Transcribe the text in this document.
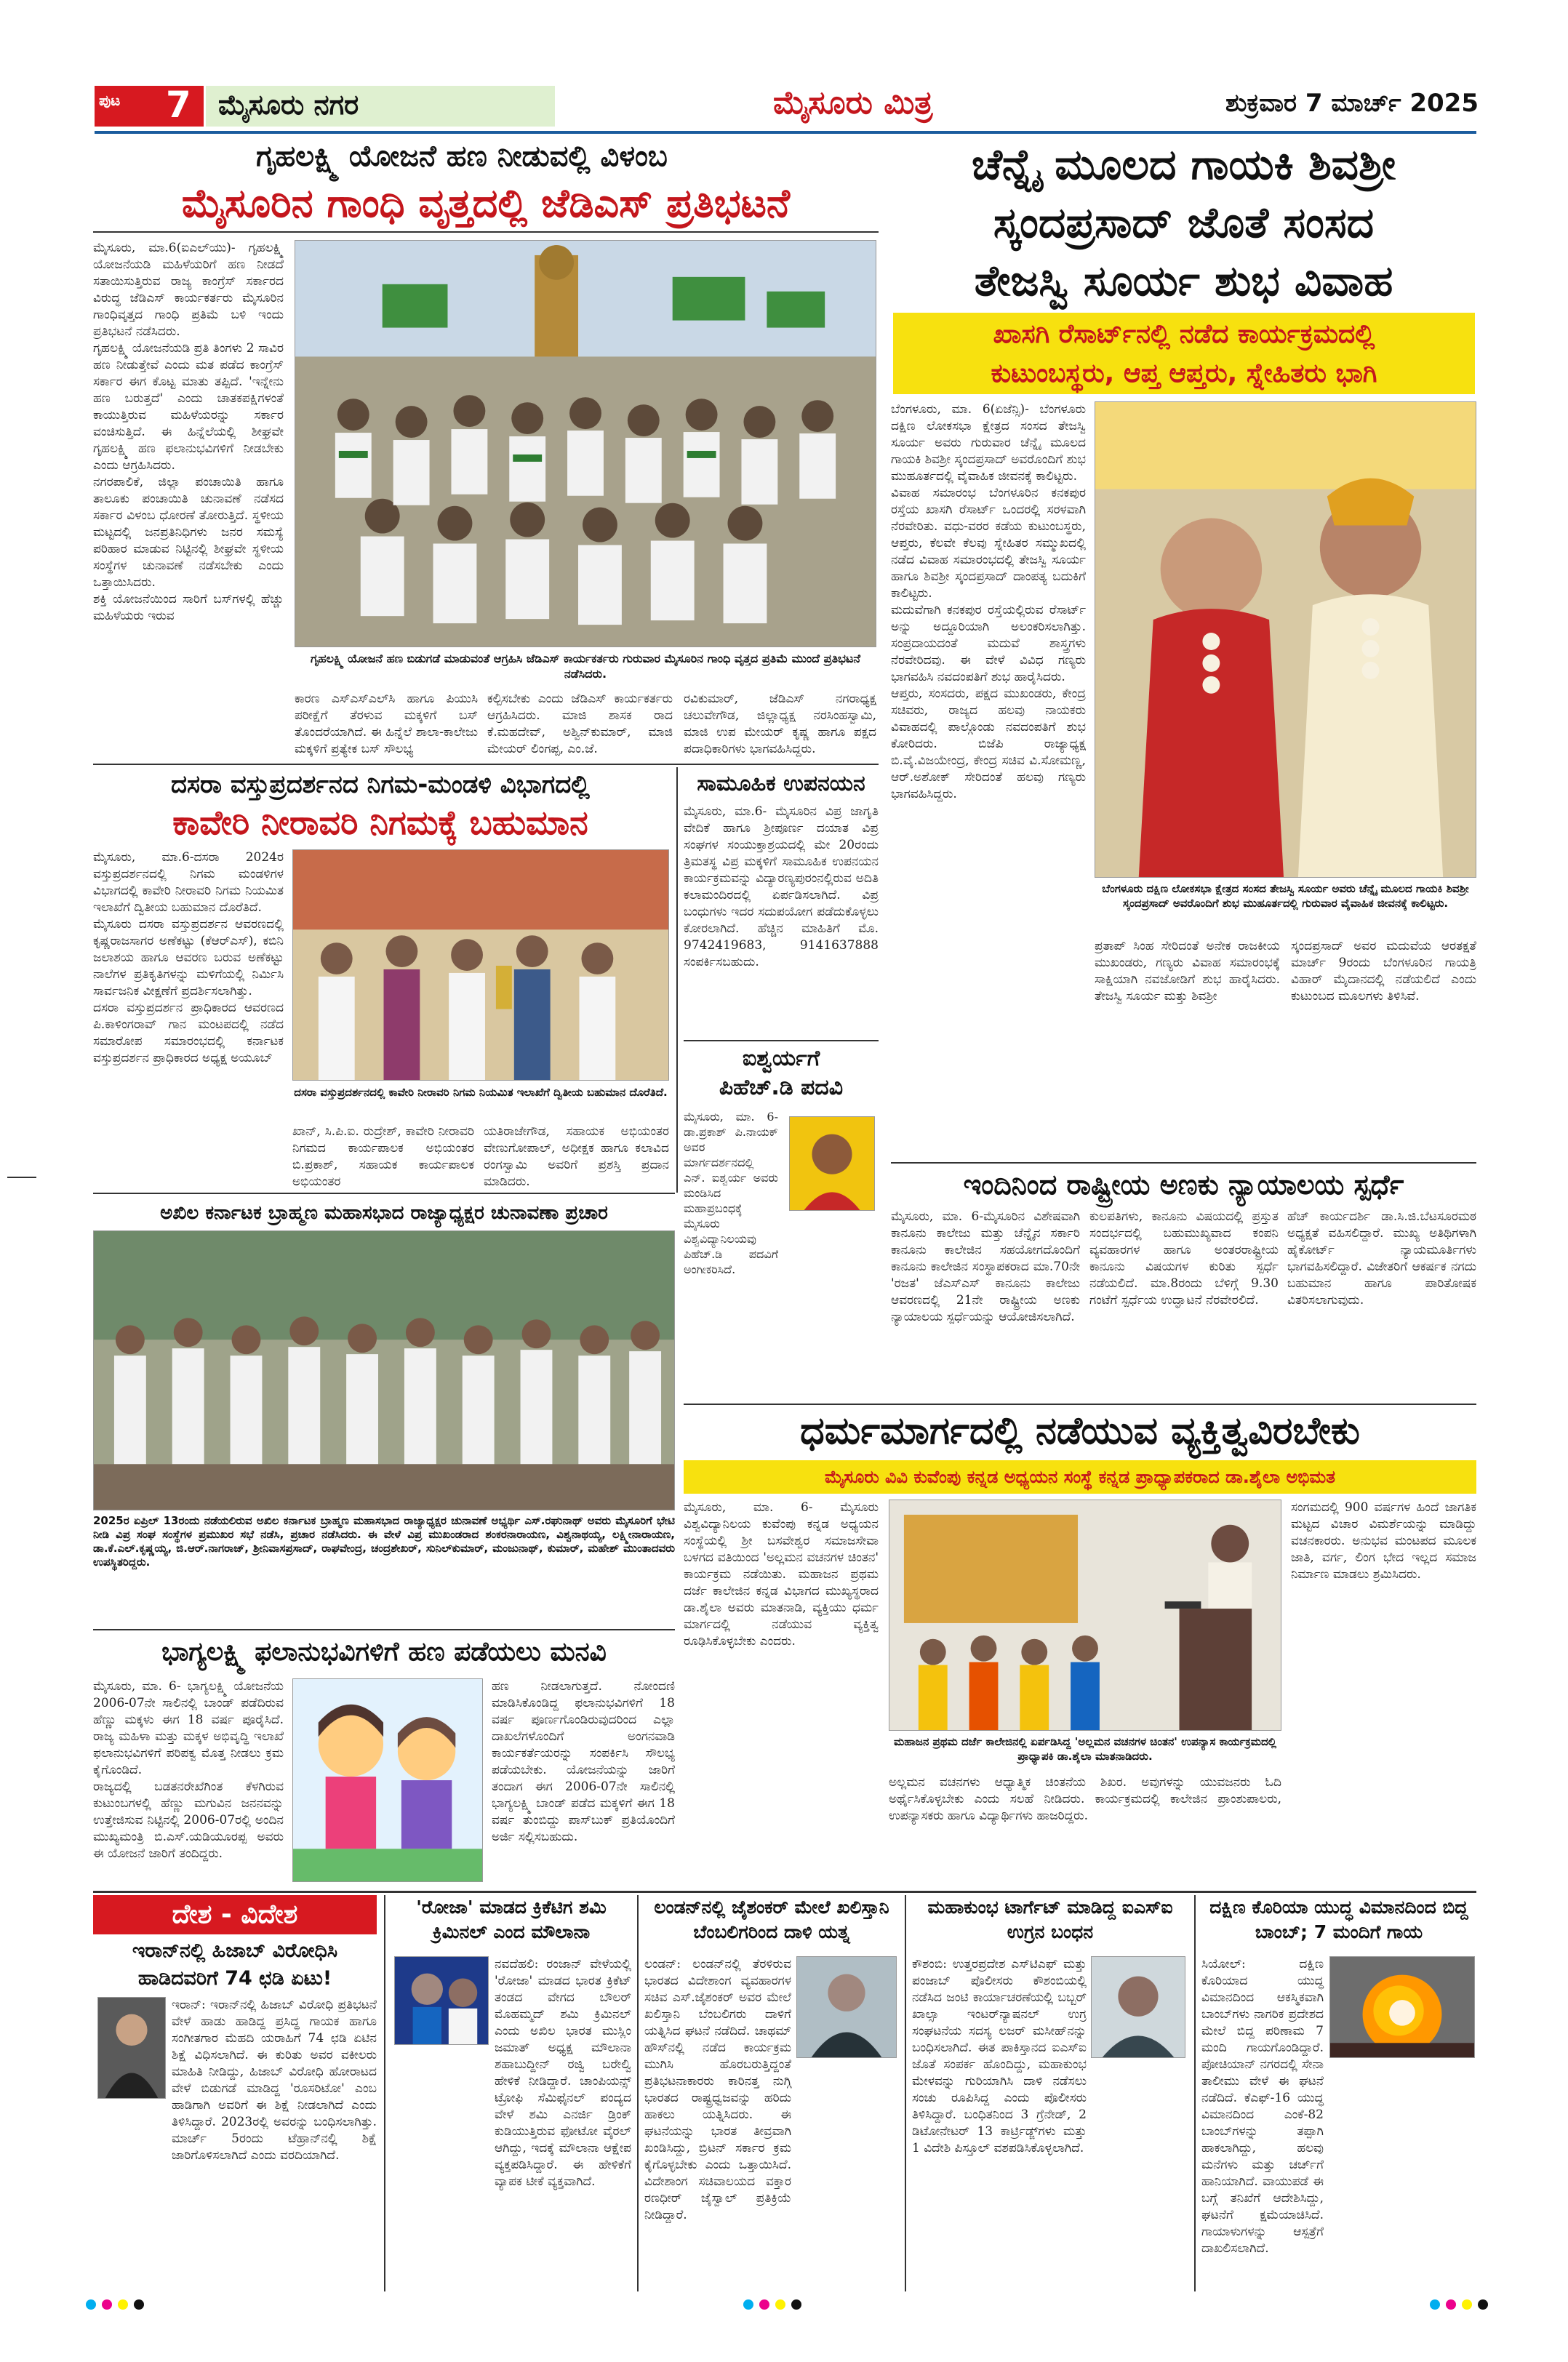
ಪುಟ 7 ಮೈಸೂರು ನಗರ	ಮೈಸೂರು ಮಿತ್ರ	ಶುಕ್ರವಾರ 7 ಮಾರ್ಚ್ 2025
ಗೃಹಲಕ್ಷ್ಮಿ ಯೋಜನೆ ಹಣ ನೀಡುವಲ್ಲಿ ವಿಳಂಬ
ಮೈಸೂರಿನ ಗಾಂಧಿ ವೃತ್ತದಲ್ಲಿ ಜೆಡಿಎಸ್ ಪ್ರತಿಭಟನೆ
ಮೈಸೂರು, ಮಾ.6(ಐಎಲ್‌ಯು)- ಗೃಹಲಕ್ಷ್ಮಿ ಯೋಜನೆಯಡಿ ಮಹಿಳೆಯರಿಗೆ ಹಣ ನೀಡದೆ ಸತಾಯಿಸುತ್ತಿರುವ ರಾಜ್ಯ ಕಾಂಗ್ರೆಸ್ ಸರ್ಕಾರದ ವಿರುದ್ಧ ಜೆಡಿಎಸ್ ಕಾರ್ಯಕರ್ತರು ಮೈಸೂರಿನ ಗಾಂಧಿವೃತ್ತದ ಗಾಂಧಿ ಪ್ರತಿಮೆ ಬಳಿ ಇಂದು ಪ್ರತಿಭಟನೆ ನಡೆಸಿದರು.
ಗೃಹಲಕ್ಷ್ಮಿ ಯೋಜನೆಯಡಿ ಪ್ರತಿ ತಿಂಗಳು 2 ಸಾವಿರ ಹಣ ನೀಡುತ್ತೇವೆ ಎಂದು ಮತ ಪಡೆದ ಕಾಂಗ್ರೆಸ್ ಸರ್ಕಾರ ಈಗ ಕೊಟ್ಟ ಮಾತು ತಪ್ಪಿದೆ. 'ಇನ್ನೇನು ಹಣ ಬರುತ್ತದೆ' ಎಂದು ಚಾತಕಪಕ್ಷಿಗಳಂತೆ ಕಾಯುತ್ತಿರುವ ಮಹಿಳೆಯರನ್ನು ಸರ್ಕಾರ ವಂಚಿಸುತ್ತಿದೆ. ಈ ಹಿನ್ನೆಲೆಯಲ್ಲಿ ಶೀಘ್ರವೇ ಗೃಹಲಕ್ಷ್ಮಿ ಹಣ ಫಲಾನುಭವಿಗಳಿಗೆ ನೀಡಬೇಕು ಎಂದು ಆಗ್ರಹಿಸಿದರು.
ನಗರಪಾಲಿಕೆ, ಜಿಲ್ಲಾ ಪಂಚಾಯಿತಿ ಹಾಗೂ ತಾಲೂಕು ಪಂಚಾಯಿತಿ ಚುನಾವಣೆ ನಡೆಸದ ಸರ್ಕಾರ ವಿಳಂಬ ಧೋರಣೆ ತೋರುತ್ತಿದೆ. ಸ್ಥಳೀಯ ಮಟ್ಟದಲ್ಲಿ ಜನಪ್ರತಿನಿಧಿಗಳು ಜನರ ಸಮಸ್ಯೆ ಪರಿಹಾರ ಮಾಡುವ ನಿಟ್ಟಿನಲ್ಲಿ ಶೀಘ್ರವೇ ಸ್ಥಳೀಯ ಸಂಸ್ಥೆಗಳ ಚುನಾವಣೆ ನಡೆಸಬೇಕು ಎಂದು ಒತ್ತಾಯಿಸಿದರು.
ಶಕ್ತಿ ಯೋಜನೆಯಿಂದ ಸಾರಿಗೆ ಬಸ್‌ಗಳಲ್ಲಿ ಹೆಚ್ಚು ಮಹಿಳೆಯರು ಇರುವ
ಗೃಹಲಕ್ಷ್ಮಿ ಯೋಜನೆ ಹಣ ಬಿಡುಗಡೆ ಮಾಡುವಂತೆ ಆಗ್ರಹಿಸಿ ಜೆಡಿಎಸ್ ಕಾರ್ಯಕರ್ತರು ಗುರುವಾರ ಮೈಸೂರಿನ ಗಾಂಧಿ ವೃತ್ತದ ಪ್ರತಿಮೆ ಮುಂದೆ ಪ್ರತಿಭಟನೆ ನಡೆಸಿದರು.
ಕಾರಣ ಎಸ್‌ಎಸ್‌ಎಲ್‌ಸಿ ಹಾಗೂ ಪಿಯುಸಿ ಪರೀಕ್ಷೆಗೆ ತೆರಳುವ ಮಕ್ಕಳಿಗೆ ಬಸ್ ತೊಂದರೆಯಾಗಿದೆ. ಈ ಹಿನ್ನೆಲೆ ಶಾಲಾ-ಕಾಲೇಜು ಮಕ್ಕಳಿಗೆ ಪ್ರತ್ಯೇಕ ಬಸ್ ಸೌಲಭ್ಯ
ಕಲ್ಪಿಸಬೇಕು ಎಂದು ಜೆಡಿಎಸ್ ಕಾರ್ಯಕರ್ತರು ಆಗ್ರಹಿಸಿದರು. ಮಾಜಿ ಶಾಸಕ ರಾದ ಕೆ.ಮಹದೇವ್, ಅಶ್ವಿನ್‌ಕುಮಾರ್, ಮಾಜಿ ಮೇಯರ್ ಲಿಂಗಪ್ಪ, ಎಂ.ಜೆ.
ರವಿಕುಮಾರ್, ಜೆಡಿಎಸ್ ನಗರಾಧ್ಯಕ್ಷ ಚಲುವೇಗೌಡ, ಜಿಲ್ಲಾಧ್ಯಕ್ಷ ನರಸಿಂಹಸ್ವಾಮಿ, ಮಾಜಿ ಉಪ ಮೇಯರ್ ಕೃಷ್ಣ ಹಾಗೂ ಪಕ್ಷದ ಪದಾಧಿಕಾರಿಗಳು ಭಾಗವಹಿಸಿದ್ದರು.
ಚೆನ್ನೈ ಮೂಲದ ಗಾಯಕಿ ಶಿವಶ್ರೀ
ಸ್ಕಂದಪ್ರಸಾದ್ ಜೊತೆ ಸಂಸದ
ತೇಜಸ್ವಿ ಸೂರ್ಯ ಶುಭ ವಿವಾಹ
ಖಾಸಗಿ ರೆಸಾರ್ಟ್‌ನಲ್ಲಿ ನಡೆದ ಕಾರ್ಯಕ್ರಮದಲ್ಲಿ
ಕುಟುಂಬಸ್ಥರು, ಆಪ್ತ ಆಪ್ತರು, ಸ್ನೇಹಿತರು ಭಾಗಿ
ಬೆಂಗಳೂರು, ಮಾ. 6(ಏಜೆನ್ಸಿ)- ಬೆಂಗಳೂರು ದಕ್ಷಿಣ ಲೋಕಸಭಾ ಕ್ಷೇತ್ರದ ಸಂಸದ ತೇಜಸ್ವಿ ಸೂರ್ಯ ಅವರು ಗುರುವಾರ ಚೆನ್ನೈ ಮೂಲದ ಗಾಯಕಿ ಶಿವಶ್ರೀ ಸ್ಕಂದಪ್ರಸಾದ್ ಅವರೊಂದಿಗೆ ಶುಭ ಮುಹೂರ್ತದಲ್ಲಿ ವೈವಾಹಿಕ ಜೀವನಕ್ಕೆ ಕಾಲಿಟ್ಟರು.
ವಿವಾಹ ಸಮಾರಂಭ ಬೆಂಗಳೂರಿನ ಕನಕಪುರ ರಸ್ತೆಯ ಖಾಸಗಿ ರೆಸಾರ್ಟ್ ಒಂದರಲ್ಲಿ ಸರಳವಾಗಿ ನೆರವೇರಿತು. ವಧು-ವರರ ಕಡೆಯ ಕುಟುಂಬಸ್ಥರು, ಆಪ್ತರು, ಕೆಲವೇ ಕೆಲವು ಸ್ನೇಹಿತರ ಸಮ್ಮುಖದಲ್ಲಿ ನಡೆದ ವಿವಾಹ ಸಮಾರಂಭದಲ್ಲಿ ತೇಜಸ್ವಿ ಸೂರ್ಯ ಹಾಗೂ ಶಿವಶ್ರೀ ಸ್ಕಂದಪ್ರಸಾದ್ ದಾಂಪತ್ಯ ಬದುಕಿಗೆ ಕಾಲಿಟ್ಟರು.
ಮದುವೆಗಾಗಿ ಕನಕಪುರ ರಸ್ತೆಯಲ್ಲಿರುವ ರೆಸಾರ್ಟ್ ಅನ್ನು ಅದ್ದೂರಿಯಾಗಿ ಅಲಂಕರಿಸಲಾಗಿತ್ತು. ಸಂಪ್ರದಾಯದಂತೆ ಮದುವೆ ಶಾಸ್ತ್ರಗಳು ನೆರವೇರಿದವು. ಈ ವೇಳೆ ವಿವಿಧ ಗಣ್ಯರು ಭಾಗವಹಿಸಿ ನವದಂಪತಿಗೆ ಶುಭ ಹಾರೈಸಿದರು.
ಆಪ್ತರು, ಸಂಸದರು, ಪಕ್ಷದ ಮುಖಂಡರು, ಕೇಂದ್ರ ಸಚಿವರು, ರಾಜ್ಯದ ಹಲವು ನಾಯಕರು ವಿವಾಹದಲ್ಲಿ ಪಾಲ್ಗೊಂಡು ನವದಂಪತಿಗೆ ಶುಭ ಕೋರಿದರು. ಬಿಜೆಪಿ ರಾಜ್ಯಾಧ್ಯಕ್ಷ ಬಿ.ವೈ.ವಿಜಯೇಂದ್ರ, ಕೇಂದ್ರ ಸಚಿವ ವಿ.ಸೋಮಣ್ಣ, ಆರ್.ಅಶೋಕ್ ಸೇರಿದಂತೆ ಹಲವು ಗಣ್ಯರು ಭಾಗವಹಿಸಿದ್ದರು.
ಬೆಂಗಳೂರು ದಕ್ಷಿಣ ಲೋಕಸಭಾ ಕ್ಷೇತ್ರದ ಸಂಸದ ತೇಜಸ್ವಿ ಸೂರ್ಯ ಅವರು ಚೆನ್ನೈ ಮೂಲದ ಗಾಯಕಿ ಶಿವಶ್ರೀ ಸ್ಕಂದಪ್ರಸಾದ್ ಅವರೊಂದಿಗೆ ಶುಭ ಮುಹೂರ್ತದಲ್ಲಿ ಗುರುವಾರ ವೈವಾಹಿಕ ಜೀವನಕ್ಕೆ ಕಾಲಿಟ್ಟರು.
ಪ್ರತಾಪ್ ಸಿಂಹ ಸೇರಿದಂತೆ ಅನೇಕ ರಾಜಕೀಯ ಮುಖಂಡರು, ಗಣ್ಯರು ವಿವಾಹ ಸಮಾರಂಭಕ್ಕೆ ಸಾಕ್ಷಿಯಾಗಿ ನವಜೋಡಿಗೆ ಶುಭ ಹಾರೈಸಿದರು. ತೇಜಸ್ವಿ ಸೂರ್ಯ ಮತ್ತು ಶಿವಶ್ರೀ
ಸ್ಕಂದಪ್ರಸಾದ್ ಅವರ ಮದುವೆಯ ಆರತಕ್ಷತೆ ಮಾರ್ಚ್ 9ರಂದು ಬೆಂಗಳೂರಿನ ಗಾಯತ್ರಿ ವಿಹಾರ್ ಮೈದಾನದಲ್ಲಿ ನಡೆಯಲಿದೆ ಎಂದು ಕುಟುಂಬದ ಮೂಲಗಳು ತಿಳಿಸಿವೆ.
ದಸರಾ ವಸ್ತುಪ್ರದರ್ಶನದ ನಿಗಮ-ಮಂಡಳಿ ವಿಭಾಗದಲ್ಲಿ
ಕಾವೇರಿ ನೀರಾವರಿ ನಿಗಮಕ್ಕೆ ಬಹುಮಾನ
ಮೈಸೂರು, ಮಾ.6-ದಸರಾ 2024ರ ವಸ್ತುಪ್ರದರ್ಶನದಲ್ಲಿ ನಿಗಮ ಮಂಡಳಿಗಳ ವಿಭಾಗದಲ್ಲಿ ಕಾವೇರಿ ನೀರಾವರಿ ನಿಗಮ ನಿಯಮಿತ ಇಲಾಖೆಗೆ ದ್ವಿತೀಯ ಬಹುಮಾನ ದೊರೆತಿದೆ.
ಮೈಸೂರು ದಸರಾ ವಸ್ತುಪ್ರದರ್ಶನ ಆವರಣದಲ್ಲಿ ಕೃಷ್ಣರಾಜಸಾಗರ ಅಣೆಕಟ್ಟು (ಕೆಆರ್‌ಎಸ್), ಕಬಿನಿ ಜಲಾಶಯ ಹಾಗೂ ಆವರಣ ಬರುವ ಅಣೆಕಟ್ಟು ನಾಲೆಗಳ ಪ್ರತಿಕೃತಿಗಳನ್ನು ಮಳಿಗೆಯಲ್ಲಿ ನಿರ್ಮಿಸಿ ಸಾರ್ವಜನಿಕ ವೀಕ್ಷಣೆಗೆ ಪ್ರದರ್ಶಿಸಲಾಗಿತ್ತು.
ದಸರಾ ವಸ್ತುಪ್ರದರ್ಶನ ಪ್ರಾಧಿಕಾರದ ಆವರಣದ ಪಿ.ಕಾಳಿಂಗರಾವ್ ಗಾನ ಮಂಟಪದಲ್ಲಿ ನಡೆದ ಸಮಾರೋಪ ಸಮಾರಂಭದಲ್ಲಿ ಕರ್ನಾಟಕ ವಸ್ತುಪ್ರದರ್ಶನ ಪ್ರಾಧಿಕಾರದ ಅಧ್ಯಕ್ಷ ಅಯೂಬ್
ದಸರಾ ವಸ್ತುಪ್ರದರ್ಶನದಲ್ಲಿ ಕಾವೇರಿ ನೀರಾವರಿ ನಿಗಮ ನಿಯಮಿತ ಇಲಾಖೆಗೆ ದ್ವಿತೀಯ ಬಹುಮಾನ ದೊರೆತಿದೆ.
ಖಾನ್, ಸಿ.ಪಿ.ಐ. ರುದ್ರೇಶ್, ಕಾವೇರಿ ನೀರಾವರಿ ನಿಗಮದ ಕಾರ್ಯಪಾಲಕ ಅಭಿಯಂತರ ಬಿ.ಪ್ರಕಾಶ್, ಸಹಾಯಕ ಕಾರ್ಯಪಾಲಕ ಅಭಿಯಂತರ
ಯತಿರಾಜೇಗೌಡ, ಸಹಾಯಕ ಅಭಿಯಂತರ ವೇಣುಗೋಪಾಲ್, ಅಧೀಕ್ಷಕ ಹಾಗೂ ಕಲಾವಿದ ರಂಗಸ್ವಾಮಿ ಅವರಿಗೆ ಪ್ರಶಸ್ತಿ ಪ್ರದಾನ ಮಾಡಿದರು.
ಸಾಮೂಹಿಕ ಉಪನಯನ
ಮೈಸೂರು, ಮಾ.6- ಮೈಸೂರಿನ ವಿಪ್ರ ಜಾಗೃತಿ ವೇದಿಕೆ ಹಾಗೂ ಶ್ರೀಪೂರ್ಣ ದಯಾತ ವಿಪ್ರ ಸಂಘಗಳ ಸಂಯುಕ್ತಾಶ್ರಯದಲ್ಲಿ ಮೇ 20ರಂದು ತ್ರಿಮತಸ್ಥ ವಿಪ್ರ ಮಕ್ಕಳಿಗೆ ಸಾಮೂಹಿಕ ಉಪನಯನ ಕಾರ್ಯಕ್ರಮವನ್ನು ವಿದ್ಯಾರಣ್ಯಪುರಂನಲ್ಲಿರುವ ಅದಿತಿ ಕಲಾಮಂದಿರದಲ್ಲಿ ಏರ್ಪಡಿಸಲಾಗಿದೆ. ವಿಪ್ರ ಬಂಧುಗಳು ಇದರ ಸದುಪಯೋಗ ಪಡೆದುಕೊಳ್ಳಲು ಕೋರಲಾಗಿದೆ. ಹೆಚ್ಚಿನ ಮಾಹಿತಿಗೆ ಮೊ. 9742419683, 9141637888 ಸಂಪರ್ಕಿಸಬಹುದು.
ಐಶ್ವರ್ಯಗೆ
ಪಿಹೆಚ್.ಡಿ ಪದವಿ
ಮೈಸೂರು, ಮಾ. 6- ಡಾ.ಪ್ರಕಾಶ್ ಪಿ.ನಾಯಕ್ ಅವರ ಮಾರ್ಗದರ್ಶನದಲ್ಲಿ ಎನ್. ಐಶ್ವರ್ಯ ಅವರು ಮಂಡಿಸಿದ ಮಹಾಪ್ರಬಂಧಕ್ಕೆ ಮೈಸೂರು ವಿಶ್ವವಿದ್ಯಾನಿಲಯವು ಪಿಹೆಚ್.ಡಿ ಪದವಿಗೆ ಅಂಗೀಕರಿಸಿದೆ.
ಇಂದಿನಿಂದ ರಾಷ್ಟ್ರೀಯ ಅಣಕು ನ್ಯಾಯಾಲಯ ಸ್ಪರ್ಧೆ
ಮೈಸೂರು, ಮಾ. 6-ಮೈಸೂರಿನ ವಿಶೇಷವಾಗಿ ಕಾನೂನು ಕಾಲೇಜು ಮತ್ತು ಚೆನ್ನೈನ ಸರ್ಕಾರಿ ಕಾನೂನು ಕಾಲೇಜಿನ ಸಹಯೋಗದೊಂದಿಗೆ ಕಾನೂನು ಕಾಲೇಜಿನ ಸಂಸ್ಥಾಪಕರಾದ ಮಾ.70ನೇ 'ರಜತ' ಜೆಎಸ್‌ಎಸ್ ಕಾನೂನು ಕಾಲೇಜು ಆವರಣದಲ್ಲಿ 21ನೇ ರಾಷ್ಟ್ರೀಯ ಅಣಕು ನ್ಯಾಯಾಲಯ ಸ್ಪರ್ಧೆಯನ್ನು ಆಯೋಜಿಸಲಾಗಿದೆ.
ಕುಲಪತಿಗಳು, ಕಾನೂನು ವಿಷಯದಲ್ಲಿ ಪ್ರಸ್ತುತ ಸಂದರ್ಭದಲ್ಲಿ ಬಹುಮುಖ್ಯವಾದ ಕಂಪನಿ ವ್ಯವಹಾರಗಳ ಹಾಗೂ ಅಂತರರಾಷ್ಟ್ರೀಯ ಕಾನೂನು ವಿಷಯಗಳ ಕುರಿತು ಸ್ಪರ್ಧೆ ನಡೆಯಲಿದೆ. ಮಾ.8ರಂದು ಬೆಳಿಗ್ಗೆ 9.30 ಗಂಟೆಗೆ ಸ್ಪರ್ಧೆಯ ಉದ್ಘಾಟನೆ ನೆರವೇರಲಿದೆ.
ಹೆಚ್ ಕಾರ್ಯದರ್ಶಿ ಡಾ.ಸಿ.ಜಿ.ಬೆಟಸೂರಮಠ ಅಧ್ಯಕ್ಷತೆ ವಹಿಸಲಿದ್ದಾರೆ. ಮುಖ್ಯ ಅತಿಥಿಗಳಾಗಿ ಹೈಕೋರ್ಟ್ ನ್ಯಾಯಮೂರ್ತಿಗಳು ಭಾಗವಹಿಸಲಿದ್ದಾರೆ. ವಿಜೇತರಿಗೆ ಆಕರ್ಷಕ ನಗದು ಬಹುಮಾನ ಹಾಗೂ ಪಾರಿತೋಷಕ ವಿತರಿಸಲಾಗುವುದು.
ಅಖಿಲ ಕರ್ನಾಟಕ ಬ್ರಾಹ್ಮಣ ಮಹಾಸಭಾದ ರಾಜ್ಯಾಧ್ಯಕ್ಷರ ಚುನಾವಣಾ ಪ್ರಚಾರ
2025ರ ಏಪ್ರಿಲ್ 13ರಂದು ನಡೆಯಲಿರುವ ಅಖಿಲ ಕರ್ನಾಟಕ ಬ್ರಾಹ್ಮಣ ಮಹಾಸಭಾದ ರಾಜ್ಯಾಧ್ಯಕ್ಷರ ಚುನಾವಣೆ ಅಭ್ಯರ್ಥಿ ಎಸ್.ರಘುನಾಥ್ ಅವರು ಮೈಸೂರಿಗೆ ಭೇಟಿ ನೀಡಿ ವಿಪ್ರ ಸಂಘ ಸಂಸ್ಥೆಗಳ ಪ್ರಮುಖರ ಸಭೆ ನಡೆಸಿ, ಪ್ರಚಾರ ನಡೆಸಿದರು. ಈ ವೇಳೆ ವಿಪ್ರ ಮುಖಂಡರಾದ ಶಂಕರನಾರಾಯಣ, ವಿಶ್ವನಾಥಯ್ಯ, ಲಕ್ಷ್ಮೀನಾರಾಯಣ, ಡಾ.ಕೆ.ಎಲ್.ಕೃಷ್ಣಯ್ಯ, ಜಿ.ಆರ್.ನಾಗರಾಜ್, ಶ್ರೀನಿವಾಸಪ್ರಸಾದ್, ರಾಘವೇಂದ್ರ, ಚಂದ್ರಶೇಖರ್, ಸುನಿಲ್‌ಕುಮಾರ್, ಮಂಜುನಾಥ್, ಕುಮಾರ್, ಮಹೇಶ್ ಮುಂತಾದವರು ಉಪಸ್ಥಿತರಿದ್ದರು.
ಧರ್ಮಮಾರ್ಗದಲ್ಲಿ ನಡೆಯುವ ವ್ಯಕ್ತಿತ್ವವಿರಬೇಕು
ಮೈಸೂರು ವಿವಿ ಕುವೆಂಪು ಕನ್ನಡ ಅಧ್ಯಯನ ಸಂಸ್ಥೆ ಕನ್ನಡ ಪ್ರಾಧ್ಯಾಪಕರಾದ ಡಾ.ಶೈಲಾ ಅಭಿಮತ
ಮೈಸೂರು, ಮಾ. 6- ಮೈಸೂರು ವಿಶ್ವವಿದ್ಯಾನಿಲಯ ಕುವೆಂಪು ಕನ್ನಡ ಅಧ್ಯಯನ ಸಂಸ್ಥೆಯಲ್ಲಿ ಶ್ರೀ ಬಸವೇಶ್ವರ ಸಮಾಜಸೇವಾ ಬಳಗದ ವತಿಯಿಂದ 'ಅಲ್ಲಮನ ವಚನಗಳ ಚಿಂತನ' ಕಾರ್ಯಕ್ರಮ ನಡೆಯಿತು. ಮಹಾಜನ ಪ್ರಥಮ ದರ್ಜೆ ಕಾಲೇಜಿನ ಕನ್ನಡ ವಿಭಾಗದ ಮುಖ್ಯಸ್ಥರಾದ ಡಾ.ಶೈಲಾ ಅವರು ಮಾತನಾಡಿ, ವ್ಯಕ್ತಿಯು ಧರ್ಮ ಮಾರ್ಗದಲ್ಲಿ ನಡೆಯುವ ವ್ಯಕ್ತಿತ್ವ ರೂಢಿಸಿಕೊಳ್ಳಬೇಕು ಎಂದರು.
ಮಹಾಜನ ಪ್ರಥಮ ದರ್ಜೆ ಕಾಲೇಜಿನಲ್ಲಿ ಏರ್ಪಡಿಸಿದ್ದ 'ಅಲ್ಲಮನ ವಚನಗಳ ಚಿಂತನ' ಉಪನ್ಯಾಸ ಕಾರ್ಯಕ್ರಮದಲ್ಲಿ ಪ್ರಾಧ್ಯಾಪಕಿ ಡಾ.ಶೈಲಾ ಮಾತನಾಡಿದರು.
ಸಂಗಮದಲ್ಲಿ 900 ವರ್ಷಗಳ ಹಿಂದೆ ಜಾಗತಿಕ ಮಟ್ಟದ ವಿಚಾರ ವಿಮರ್ಶೆಯನ್ನು ಮಾಡಿದ್ದು ವಚನಕಾರರು. ಅನುಭವ ಮಂಟಪದ ಮೂಲಕ ಜಾತಿ, ವರ್ಗ, ಲಿಂಗ ಭೇದ ಇಲ್ಲದ ಸಮಾಜ ನಿರ್ಮಾಣ ಮಾಡಲು ಶ್ರಮಿಸಿದರು.
ಅಲ್ಲಮನ ವಚನಗಳು ಆಧ್ಯಾತ್ಮಿಕ ಚಿಂತನೆಯ ಶಿಖರ. ಅವುಗಳನ್ನು ಯುವಜನರು ಓದಿ ಅರ್ಥೈಸಿಕೊಳ್ಳಬೇಕು ಎಂದು ಸಲಹೆ ನೀಡಿದರು. ಕಾರ್ಯಕ್ರಮದಲ್ಲಿ ಕಾಲೇಜಿನ ಪ್ರಾಂಶುಪಾಲರು, ಉಪನ್ಯಾಸಕರು ಹಾಗೂ ವಿದ್ಯಾರ್ಥಿಗಳು ಹಾಜರಿದ್ದರು.
ಭಾಗ್ಯಲಕ್ಷ್ಮಿ ಫಲಾನುಭವಿಗಳಿಗೆ ಹಣ ಪಡೆಯಲು ಮನವಿ
ಮೈಸೂರು, ಮಾ. 6- ಭಾಗ್ಯಲಕ್ಷ್ಮಿ ಯೋಜನೆಯ 2006-07ನೇ ಸಾಲಿನಲ್ಲಿ ಬಾಂಡ್ ಪಡೆದಿರುವ ಹೆಣ್ಣು ಮಕ್ಕಳು ಈಗ 18 ವರ್ಷ ಪೂರೈಸಿದೆ. ರಾಜ್ಯ ಮಹಿಳಾ ಮತ್ತು ಮಕ್ಕಳ ಅಭಿವೃದ್ಧಿ ಇಲಾಖೆ ಫಲಾನುಭವಿಗಳಿಗೆ ಪರಿಪಕ್ವ ಮೊತ್ತ ನೀಡಲು ಕ್ರಮ ಕೈಗೊಂಡಿದೆ.
ರಾಜ್ಯದಲ್ಲಿ ಬಡತನರೇಖೆಗಿಂತ ಕೆಳಗಿರುವ ಕುಟುಂಬಗಳಲ್ಲಿ ಹೆಣ್ಣು ಮಗುವಿನ ಜನನವನ್ನು ಉತ್ತೇಜಿಸುವ ನಿಟ್ಟಿನಲ್ಲಿ 2006-07ರಲ್ಲಿ ಅಂದಿನ ಮುಖ್ಯಮಂತ್ರಿ ಬಿ.ಎಸ್.ಯಡಿಯೂರಪ್ಪ ಅವರು ಈ ಯೋಜನೆ ಜಾರಿಗೆ ತಂದಿದ್ದರು.
ಹಣ ನೀಡಲಾಗುತ್ತದೆ. ನೋಂದಣಿ ಮಾಡಿಸಿಕೊಂಡಿದ್ದ ಫಲಾನುಭವಿಗಳಿಗೆ 18 ವರ್ಷ ಪೂರ್ಣಗೊಂಡಿರುವುದರಿಂದ ಎಲ್ಲಾ ದಾಖಲೆಗಳೊಂದಿಗೆ ಅಂಗನವಾಡಿ ಕಾರ್ಯಕರ್ತೆಯರನ್ನು ಸಂಪರ್ಕಿಸಿ ಸೌಲಭ್ಯ ಪಡೆಯಬೇಕು. ಯೋಜನೆಯನ್ನು ಜಾರಿಗೆ ತಂದಾಗ ಈಗ 2006-07ನೇ ಸಾಲಿನಲ್ಲಿ ಭಾಗ್ಯಲಕ್ಷ್ಮಿ ಬಾಂಡ್ ಪಡೆದ ಮಕ್ಕಳಿಗೆ ಈಗ 18 ವರ್ಷ ತುಂಬಿದ್ದು ಪಾಸ್‌ಬುಕ್ ಪ್ರತಿಯೊಂದಿಗೆ ಅರ್ಜಿ ಸಲ್ಲಿಸಬಹುದು.
ದೇಶ - ವಿದೇಶ
ಇರಾನ್‌ನಲ್ಲಿ ಹಿಜಾಬ್ ವಿರೋಧಿಸಿ ಹಾಡಿದವರಿಗೆ 74 ಛಡಿ ಏಟು!
ಇರಾನ್: ಇರಾನ್‌ನಲ್ಲಿ ಹಿಜಾಬ್ ವಿರೋಧಿ ಪ್ರತಿಭಟನೆ ವೇಳೆ ಹಾಡು ಹಾಡಿದ್ದ ಪ್ರಸಿದ್ಧ ಗಾಯಕ ಹಾಗೂ ಸಂಗೀತಗಾರ ಮೆಹದಿ ಯರಾಹಿಗೆ 74 ಛಡಿ ಏಟಿನ ಶಿಕ್ಷೆ ವಿಧಿಸಲಾಗಿದೆ. ಈ ಕುರಿತು ಅವರ ವಕೀಲರು ಮಾಹಿತಿ ನೀಡಿದ್ದು, ಹಿಜಾಬ್ ವಿರೋಧಿ ಹೋರಾಟದ ವೇಳೆ ಬಿಡುಗಡೆ ಮಾಡಿದ್ದ 'ರೂಸರಿಟೋ' ಎಂಬ ಹಾಡಿಗಾಗಿ ಅವರಿಗೆ ಈ ಶಿಕ್ಷೆ ನೀಡಲಾಗಿದೆ ಎಂದು ತಿಳಿಸಿದ್ದಾರೆ. 2023ರಲ್ಲಿ ಅವರನ್ನು ಬಂಧಿಸಲಾಗಿತ್ತು. ಮಾರ್ಚ್ 5ರಂದು ಟೆಹ್ರಾನ್‌ನಲ್ಲಿ ಶಿಕ್ಷೆ ಜಾರಿಗೊಳಿಸಲಾಗಿದೆ ಎಂದು ವರದಿಯಾಗಿದೆ.
'ರೋಜಾ' ಮಾಡದ ಕ್ರಿಕೆಟಿಗ ಶಮಿ ಕ್ರಿಮಿನಲ್ ಎಂದ ಮೌಲಾನಾ
ನವದೆಹಲಿ: ರಂಜಾನ್ ವೇಳೆಯಲ್ಲಿ 'ರೋಜಾ' ಮಾಡದ ಭಾರತ ಕ್ರಿಕೆಟ್ ತಂಡದ ವೇಗದ ಬೌಲರ್ ಮೊಹಮ್ಮದ್ ಶಮಿ ಕ್ರಿಮಿನಲ್ ಎಂದು ಅಖಿಲ ಭಾರತ ಮುಸ್ಲಿಂ ಜಮಾತ್ ಅಧ್ಯಕ್ಷ ಮೌಲಾನಾ ಶಹಾಬುದ್ದೀನ್ ರಜ್ವಿ ಬರೇಲ್ವಿ ಹೇಳಿಕೆ ನೀಡಿದ್ದಾರೆ. ಚಾಂಪಿಯನ್ಸ್ ಟ್ರೋಫಿ ಸೆಮಿಫೈನಲ್ ಪಂದ್ಯದ ವೇಳೆ ಶಮಿ ಎನರ್ಜಿ ಡ್ರಿಂಕ್ ಕುಡಿಯುತ್ತಿರುವ ಫೋಟೋ ವೈರಲ್ ಆಗಿದ್ದು, ಇದಕ್ಕೆ ಮೌಲಾನಾ ಆಕ್ಷೇಪ ವ್ಯಕ್ತಪಡಿಸಿದ್ದಾರೆ. ಈ ಹೇಳಿಕೆಗೆ ವ್ಯಾಪಕ ಟೀಕೆ ವ್ಯಕ್ತವಾಗಿದೆ.
ಲಂಡನ್‌ನಲ್ಲಿ ಜೈಶಂಕರ್ ಮೇಲೆ ಖಲಿಸ್ತಾನಿ ಬೆಂಬಲಿಗರಿಂದ ದಾಳಿ ಯತ್ನ
ಲಂಡನ್: ಲಂಡನ್‌ನಲ್ಲಿ ತೆರಳಿರುವ ಭಾರತದ ವಿದೇಶಾಂಗ ವ್ಯವಹಾರಗಳ ಸಚಿವ ಎಸ್.ಜೈಶಂಕರ್ ಅವರ ಮೇಲೆ ಖಲಿಸ್ತಾನಿ ಬೆಂಬಲಿಗರು ದಾಳಿಗೆ ಯತ್ನಿಸಿದ ಘಟನೆ ನಡೆದಿದೆ. ಚಾಥಮ್ ಹೌಸ್‌ನಲ್ಲಿ ನಡೆದ ಕಾರ್ಯಕ್ರಮ ಮುಗಿಸಿ ಹೊರಬರುತ್ತಿದ್ದಂತೆ ಪ್ರತಿಭಟನಾಕಾರರು ಕಾರಿನತ್ತ ನುಗ್ಗಿ ಭಾರತದ ರಾಷ್ಟ್ರಧ್ವಜವನ್ನು ಹರಿದು ಹಾಕಲು ಯತ್ನಿಸಿದರು. ಈ ಘಟನೆಯನ್ನು ಭಾರತ ತೀವ್ರವಾಗಿ ಖಂಡಿಸಿದ್ದು, ಬ್ರಿಟನ್ ಸರ್ಕಾರ ಕ್ರಮ ಕೈಗೊಳ್ಳಬೇಕು ಎಂದು ಒತ್ತಾಯಿಸಿದೆ. ವಿದೇಶಾಂಗ ಸಚಿವಾಲಯದ ವಕ್ತಾರ ರಣಧೀರ್ ಜೈಸ್ವಾಲ್ ಪ್ರತಿಕ್ರಿಯೆ ನೀಡಿದ್ದಾರೆ.
ಮಹಾಕುಂಭ ಟಾರ್ಗೆಟ್ ಮಾಡಿದ್ದ ಐಎಸ್‌ಐ ಉಗ್ರನ ಬಂಧನ
ಕೌಶಂಬಿ: ಉತ್ತರಪ್ರದೇಶ ಎಸ್‌ಟಿಎಫ್ ಮತ್ತು ಪಂಜಾಬ್ ಪೊಲೀಸರು ಕೌಶಂಬಿಯಲ್ಲಿ ನಡೆಸಿದ ಜಂಟಿ ಕಾರ್ಯಾಚರಣೆಯಲ್ಲಿ ಬಬ್ಬರ್ ಖಾಲ್ಸಾ ಇಂಟರ್‌ನ್ಯಾಷನಲ್ ಉಗ್ರ ಸಂಘಟನೆಯ ಸದಸ್ಯ ಲಜರ್ ಮಸೀಹ್‌ನನ್ನು ಬಂಧಿಸಲಾಗಿದೆ. ಈತ ಪಾಕಿಸ್ತಾನದ ಐಎಸ್‌ಐ ಜೊತೆ ಸಂಪರ್ಕ ಹೊಂದಿದ್ದು, ಮಹಾಕುಂಭ ಮೇಳವನ್ನು ಗುರಿಯಾಗಿಸಿ ದಾಳಿ ನಡೆಸಲು ಸಂಚು ರೂಪಿಸಿದ್ದ ಎಂದು ಪೊಲೀಸರು ತಿಳಿಸಿದ್ದಾರೆ. ಬಂಧಿತನಿಂದ 3 ಗ್ರೆನೇಡ್, 2 ಡಿಟೋನೇಟರ್ 13 ಕಾರ್ಟ್ರಿಡ್ಜ್‌ಗಳು ಮತ್ತು 1 ವಿದೇಶಿ ಪಿಸ್ತೂಲ್ ವಶಪಡಿಸಿಕೊಳ್ಳಲಾಗಿದೆ.
ದಕ್ಷಿಣ ಕೊರಿಯಾ ಯುದ್ಧ ವಿಮಾನದಿಂದ ಬಿದ್ದ ಬಾಂಬ್; 7 ಮಂದಿಗೆ ಗಾಯ
ಸಿಯೋಲ್: ದಕ್ಷಿಣ ಕೊರಿಯಾದ ಯುದ್ಧ ವಿಮಾನದಿಂದ ಆಕಸ್ಮಿಕವಾಗಿ ಬಾಂಬ್‌ಗಳು ನಾಗರಿಕ ಪ್ರದೇಶದ ಮೇಲೆ ಬಿದ್ದ ಪರಿಣಾಮ 7 ಮಂದಿ ಗಾಯಗೊಂಡಿದ್ದಾರೆ. ಪೋಚಿಯಾನ್ ನಗರದಲ್ಲಿ ಸೇನಾ ತಾಲೀಮು ವೇಳೆ ಈ ಘಟನೆ ನಡೆದಿದೆ. ಕೆಎಫ್-16 ಯುದ್ಧ ವಿಮಾನದಿಂದ ಎಂಕೆ-82 ಬಾಂಬ್‌ಗಳನ್ನು ತಪ್ಪಾಗಿ ಹಾಕಲಾಗಿದ್ದು, ಹಲವು ಮನೆಗಳು ಮತ್ತು ಚರ್ಚ್‌ಗೆ ಹಾನಿಯಾಗಿದೆ. ವಾಯುಪಡೆ ಈ ಬಗ್ಗೆ ತನಿಖೆಗೆ ಆದೇಶಿಸಿದ್ದು, ಘಟನೆಗೆ ಕ್ಷಮೆಯಾಚಿಸಿದೆ. ಗಾಯಾಳುಗಳನ್ನು ಆಸ್ಪತ್ರೆಗೆ ದಾಖಲಿಸಲಾಗಿದೆ.
